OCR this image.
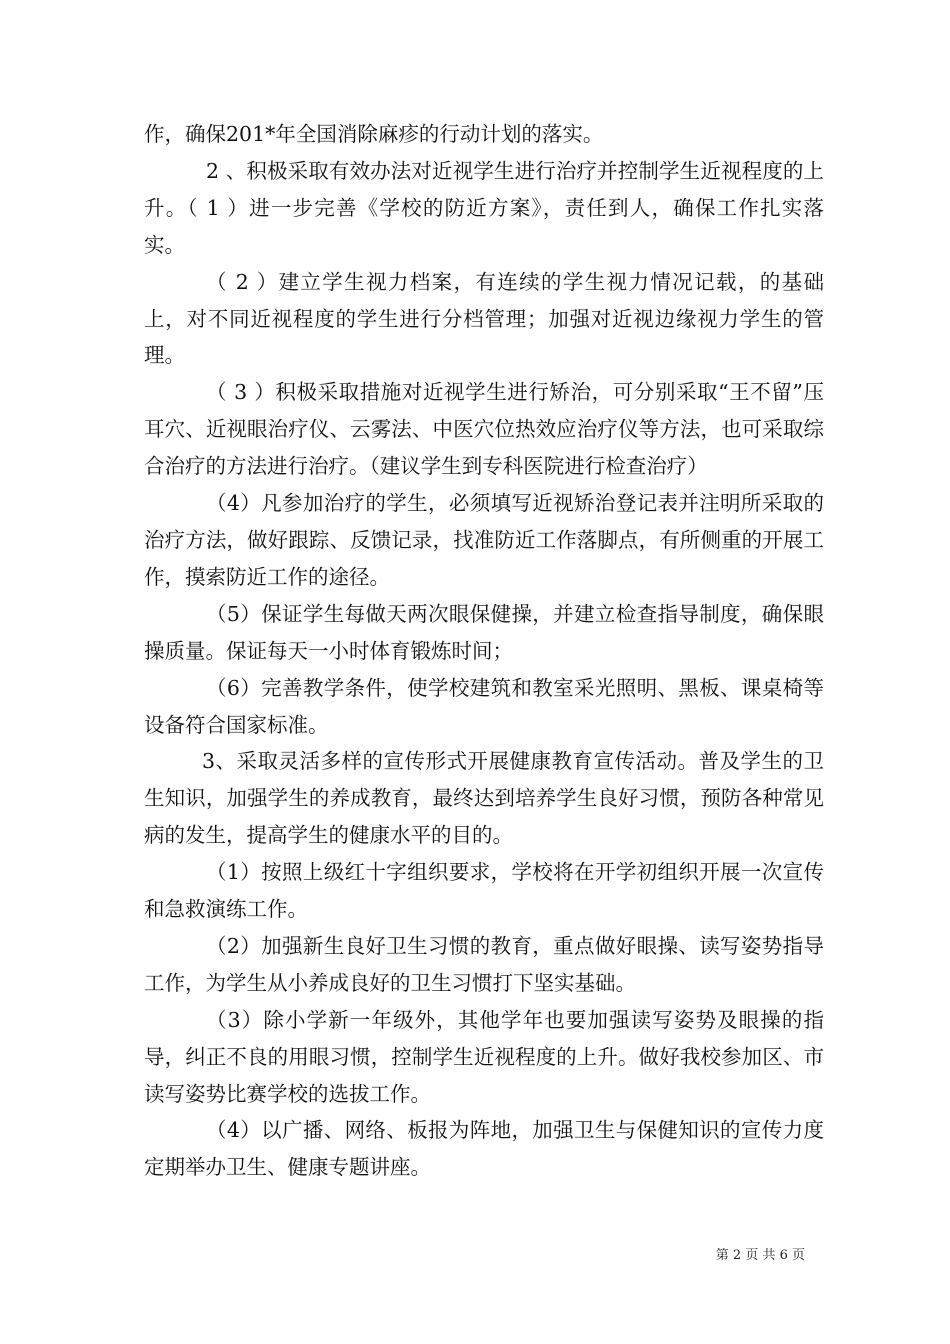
作，确保201*年全国消除麻疹的行动计划的落实。

2 、积极采取有效办法对近视学生进行治疗并控制学生近视程度的上升。（ 1 ）进一步完善《学校的防近方案》，责任到人，确保工作扎实落实。

（ 2 ）建立学生视力档案，有连续的学生视力情况记载，的基础上，对不同近视程度的学生进行分档管理；加强对近视边缘视力学生的管理。

（ 3 ）积极采取措施对近视学生进行矫治，可分别采取“王不留”压耳穴、近视眼治疗仪、云雾法、中医穴位热效应治疗仪等方法，也可采取综合治疗的方法进行治疗。（建议学生到专科医院进行检查治疗）

（4）凡参加治疗的学生，必须填写近视矫治登记表并注明所采取的治疗方法，做好跟踪、反馈记录，找准防近工作落脚点，有所侧重的开展工作，摸索防近工作的途径。

（5）保证学生每做天两次眼保健操，并建立检查指导制度，确保眼操质量。保证每天一小时体育锻炼时间；

（6）完善教学条件，使学校建筑和教室采光照明、黑板、课桌椅等设备符合国家标准。

3、采取灵活多样的宣传形式开展健康教育宣传活动。普及学生的卫生知识，加强学生的养成教育，最终达到培养学生良好习惯，预防各种常见病的发生，提高学生的健康水平的目的。

（1）按照上级红十字组织要求，学校将在开学初组织开展一次宣传和急救演练工作。

（2）加强新生良好卫生习惯的教育，重点做好眼操、读写姿势指导工作，为学生从小养成良好的卫生习惯打下坚实基础。

（3）除小学新一年级外，其他学年也要加强读写姿势及眼操的指导，纠正不良的用眼习惯，控制学生近视程度的上升。做好我校参加区、市读写姿势比赛学校的选拔工作。

（4）以广播、网络、板报为阵地，加强卫生与保健知识的宣传力度定期举办卫生、健康专题讲座。

第 2 页 共 6 页
